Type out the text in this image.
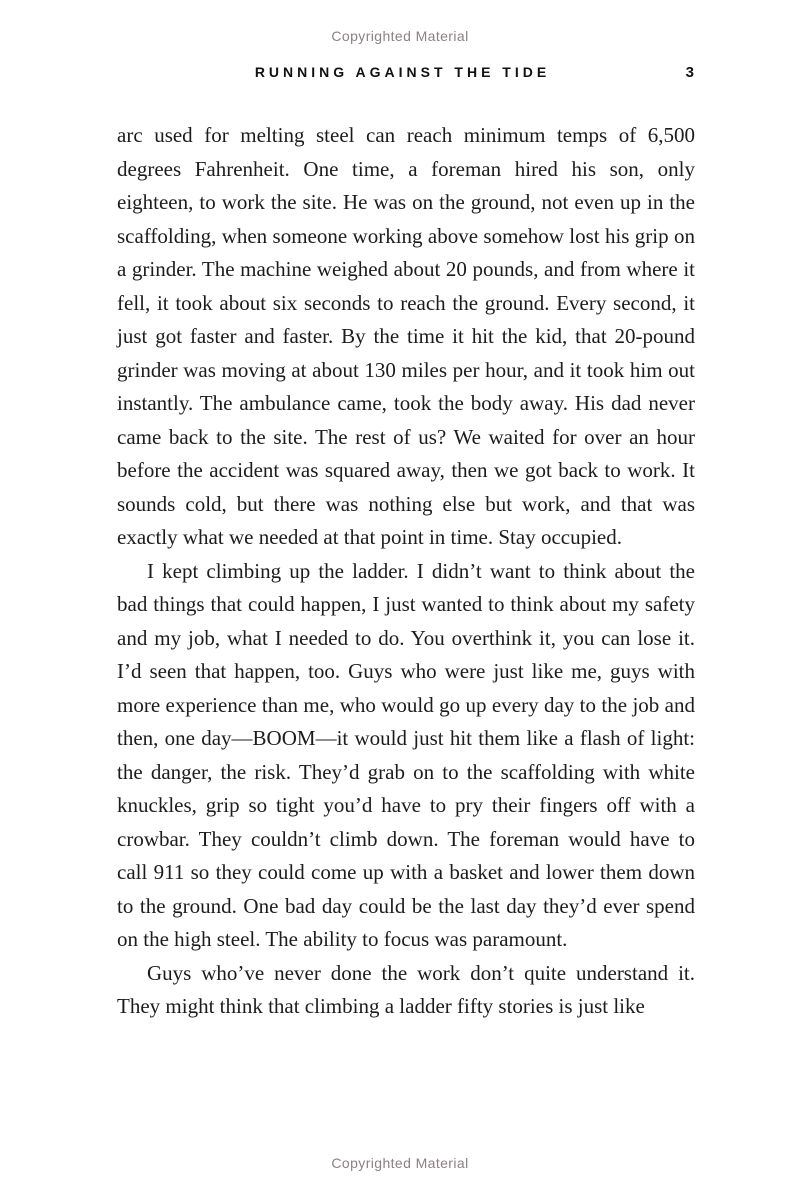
Copyrighted Material
RUNNING AGAINST THE TIDE	3

arc used for melting steel can reach minimum temps of 6,500 degrees Fahrenheit. One time, a foreman hired his son, only eighteen, to work the site. He was on the ground, not even up in the scaffolding, when someone working above somehow lost his grip on a grinder. The machine weighed about 20 pounds, and from where it fell, it took about six seconds to reach the ground. Every second, it just got faster and faster. By the time it hit the kid, that 20-pound grinder was moving at about 130 miles per hour, and it took him out instantly. The ambulance came, took the body away. His dad never came back to the site. The rest of us? We waited for over an hour before the accident was squared away, then we got back to work. It sounds cold, but there was nothing else but work, and that was exactly what we needed at that point in time. Stay occupied.

I kept climbing up the ladder. I didn’t want to think about the bad things that could happen, I just wanted to think about my safety and my job, what I needed to do. You overthink it, you can lose it. I’d seen that happen, too. Guys who were just like me, guys with more experience than me, who would go up every day to the job and then, one day—BOOM—it would just hit them like a flash of light: the danger, the risk. They’d grab on to the scaffolding with white knuckles, grip so tight you’d have to pry their fingers off with a crowbar. They couldn’t climb down. The foreman would have to call 911 so they could come up with a basket and lower them down to the ground. One bad day could be the last day they’d ever spend on the high steel. The ability to focus was paramount.

Guys who’ve never done the work don’t quite understand it. They might think that climbing a ladder fifty stories is just like

Copyrighted Material
